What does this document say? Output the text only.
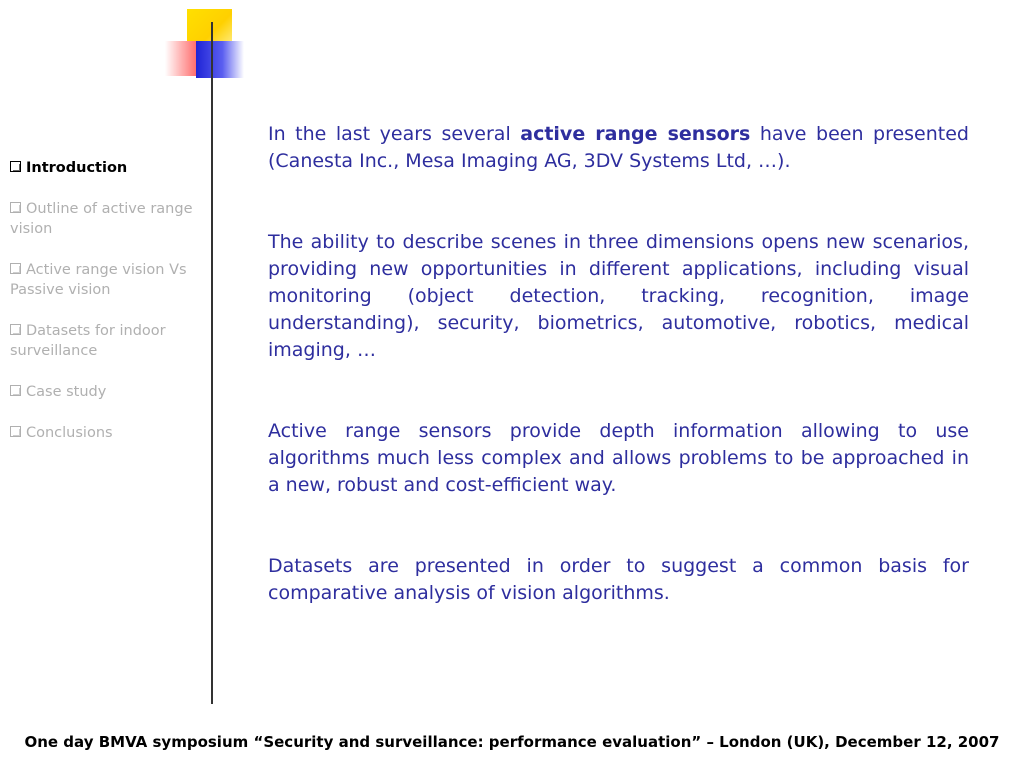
Introduction
Outline of active range vision
Active range vision Vs Passive vision
Datasets for indoor surveillance
Case study
Conclusions

In the last years several active range sensors have been presented (Canesta Inc., Mesa Imaging AG, 3DV Systems Ltd, …).

The ability to describe scenes in three dimensions opens new scenarios, providing new opportunities in different applications, including visual monitoring (object detection, tracking, recognition, image understanding), security, biometrics, automotive, robotics, medical imaging, …

Active range sensors provide depth information allowing to use algorithms much less complex and allows problems to be approached in a new, robust and cost-efficient way.

Datasets are presented in order to suggest a common basis for comparative analysis of vision algorithms.

One day BMVA symposium “Security and surveillance: performance evaluation” – London (UK), December 12, 2007
